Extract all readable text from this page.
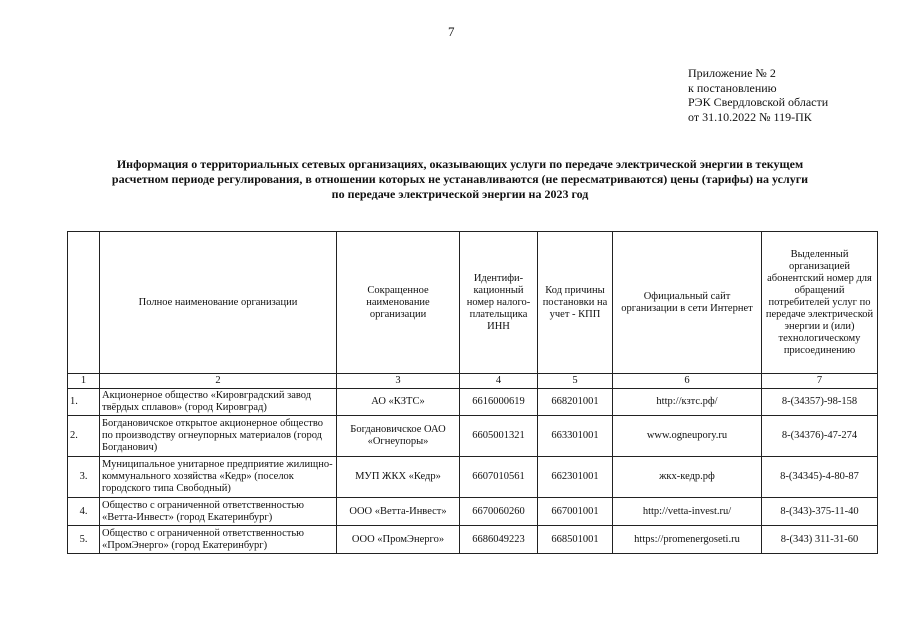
7
Приложение № 2
к постановлению
РЭК Свердловской области
от 31.10.2022 № 119-ПК
Информация о территориальных сетевых организациях, оказывающих услуги по передаче электрической энергии в текущем
расчетном периоде регулирования, в отношении которых не устанавливаются (не пересматриваются) цены (тарифы) на услуги
по передаче электрической энергии на 2023 год
	Полное наименование организации	Сокращенное наименование организации	Идентифи-кационный номер налого-плательщика ИНН	Код причины постановки на учет - КПП	Официальный сайт организации в сети Интернет	Выделенный организацией абонентский номер для обращений потребителей услуг по передаче электрической энергии и (или) технологическому присоединению
1	2	3	4	5	6	7
1.	Акционерное общество «Кировградский завод твёрдых сплавов» (город Кировград)	АО «КЗТС»	6616000619	668201001	http://кзтс.рф/	8-(34357)-98-158
2.	Богдановичское открытое акционерное общество по производству огнеупорных материалов (город Богданович)	Богдановичское ОАО «Огнеупоры»	6605001321	663301001	www.ogneupory.ru	8-(34376)-47-274
3.	Муниципальное унитарное предприятие жилищно-коммунального хозяйства «Кедр» (поселок городского типа Свободный)	МУП ЖКХ «Кедр»	6607010561	662301001	жкх-кедр.рф	8-(34345)-4-80-87
4.	Общество с ограниченной ответственностью «Ветта-Инвест» (город Екатеринбург)	ООО «Ветта-Инвест»	6670060260	667001001	http://vetta-invest.ru/	8-(343)-375-11-40
5.	Общество с ограниченной ответственностью «ПромЭнерго» (город Екатеринбург)	ООО «ПромЭнерго»	6686049223	668501001	https://promenergoseti.ru	8-(343) 311-31-60
